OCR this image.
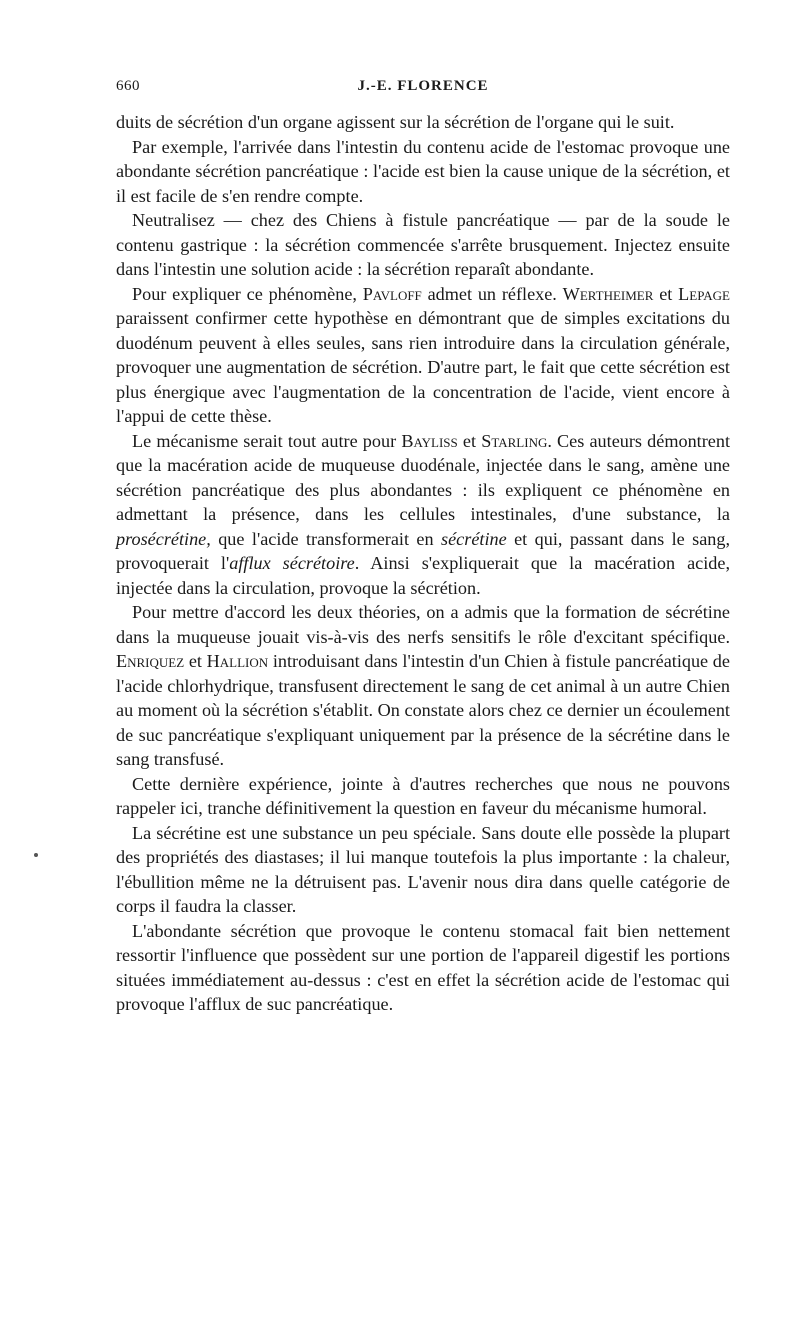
660	J.-E. FLORENCE

duits de sécrétion d'un organe agissent sur la sécrétion de l'organe qui le suit.

Par exemple, l'arrivée dans l'intestin du contenu acide de l'estomac provoque une abondante sécrétion pancréatique : l'acide est bien la cause unique de la sécrétion, et il est facile de s'en rendre compte.

Neutralisez — chez des Chiens à fistule pancréatique — par de la soude le contenu gastrique : la sécrétion commencée s'arrête brusquement. Injectez ensuite dans l'intestin une solution acide : la sécrétion reparaît abondante.

Pour expliquer ce phénomène, Pavloff admet un réflexe. Wertheimer et Lepage paraissent confirmer cette hypothèse en démontrant que de simples excitations du duodénum peuvent à elles seules, sans rien introduire dans la circulation générale, provoquer une augmentation de sécrétion. D'autre part, le fait que cette sécrétion est plus énergique avec l'augmentation de la concentration de l'acide, vient encore à l'appui de cette thèse.

Le mécanisme serait tout autre pour Bayliss et Starling. Ces auteurs démontrent que la macération acide de muqueuse duodénale, injectée dans le sang, amène une sécrétion pancréatique des plus abondantes : ils expliquent ce phénomène en admettant la présence, dans les cellules intestinales, d'une substance, la prosécrétine, que l'acide transformerait en sécrétine et qui, passant dans le sang, provoquerait l'afflux sécrétoire. Ainsi s'expliquerait que la macération acide, injectée dans la circulation, provoque la sécrétion.

Pour mettre d'accord les deux théories, on a admis que la formation de sécrétine dans la muqueuse jouait vis-à-vis des nerfs sensitifs le rôle d'excitant spécifique. Enriquez et Hallion introduisant dans l'intestin d'un Chien à fistule pancréatique de l'acide chlorhydrique, transfusent directement le sang de cet animal à un autre Chien au moment où la sécrétion s'établit. On constate alors chez ce dernier un écoulement de suc pancréatique s'expliquant uniquement par la présence de la sécrétine dans le sang transfusé.

Cette dernière expérience, jointe à d'autres recherches que nous ne pouvons rappeler ici, tranche définitivement la question en faveur du mécanisme humoral.

La sécrétine est une substance un peu spéciale. Sans doute elle possède la plupart des propriétés des diastases; il lui manque toutefois la plus importante : la chaleur, l'ébullition même ne la détruisent pas. L'avenir nous dira dans quelle catégorie de corps il faudra la classer.

L'abondante sécrétion que provoque le contenu stomacal fait bien nettement ressortir l'influence que possèdent sur une portion de l'appareil digestif les portions situées immédiatement au-dessus : c'est en effet la sécrétion acide de l'estomac qui provoque l'afflux de suc pancréatique.
